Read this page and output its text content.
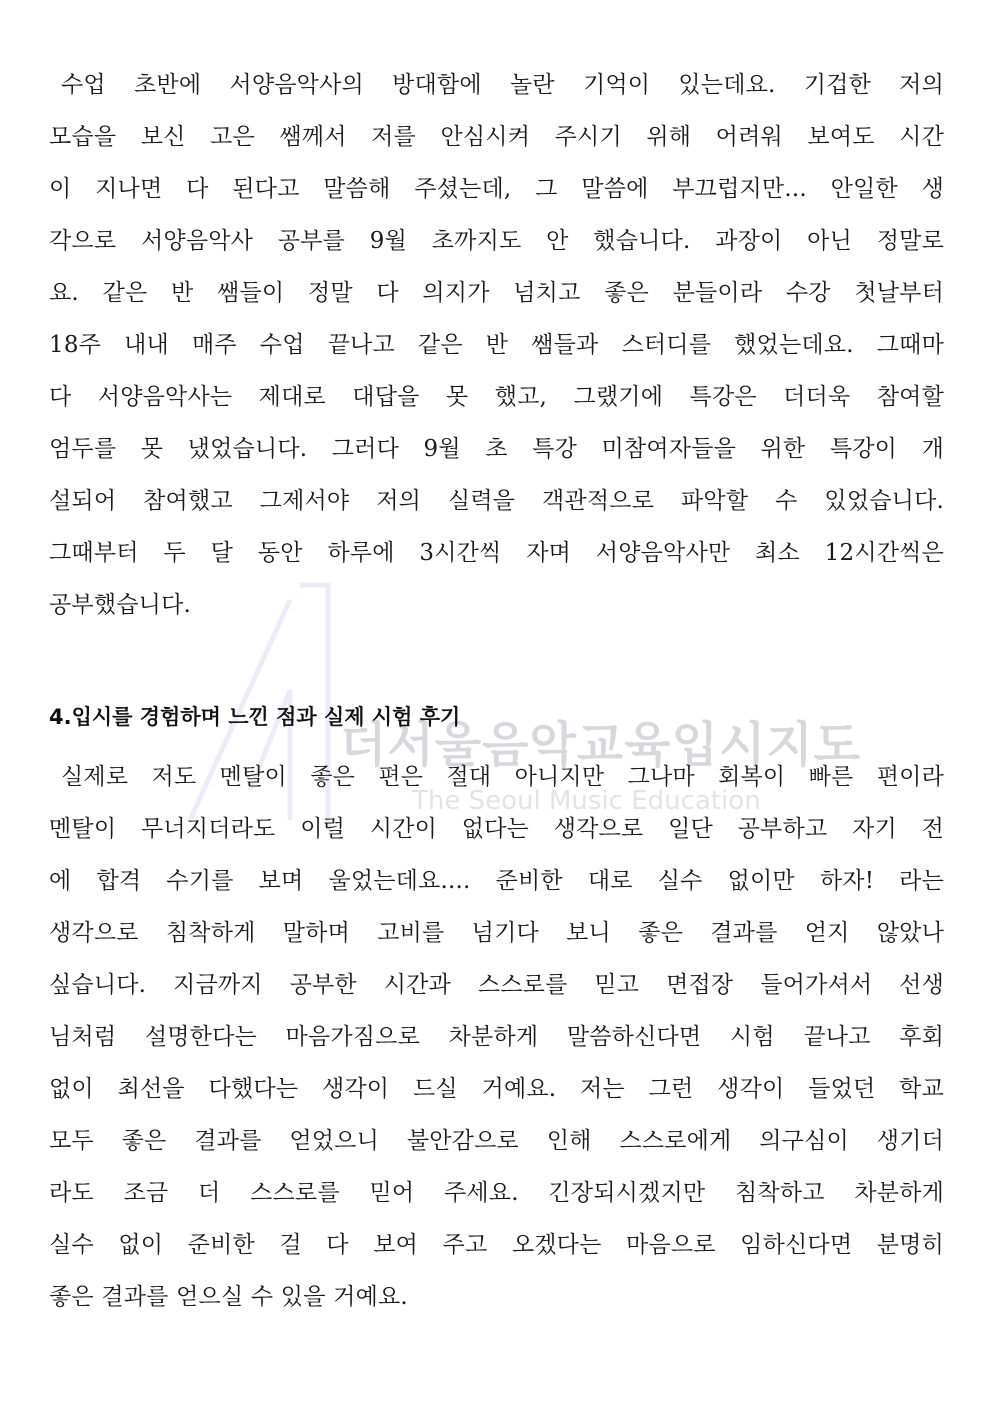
더서울음악교육입시지도
The Seoul Music Education
수업 초반에 서양음악사의 방대함에 놀란 기억이 있는데요. 기겁한 저의
모습을 보신 고은 쌤께서 저를 안심시켜 주시기 위해 어려워 보여도 시간
이 지나면 다 된다고 말씀해 주셨는데, 그 말씀에 부끄럽지만... 안일한 생
각으로 서양음악사 공부를 9월 초까지도 안 했습니다. 과장이 아닌 정말로
요. 같은 반 쌤들이 정말 다 의지가 넘치고 좋은 분들이라 수강 첫날부터
18주 내내 매주 수업 끝나고 같은 반 쌤들과 스터디를 했었는데요. 그때마
다 서양음악사는 제대로 대답을 못 했고, 그랬기에 특강은 더더욱 참여할
엄두를 못 냈었습니다. 그러다 9월 초 특강 미참여자들을 위한 특강이 개
설되어 참여했고 그제서야 저의 실력을 객관적으로 파악할 수 있었습니다.
그때부터 두 달 동안 하루에 3시간씩 자며 서양음악사만 최소 12시간씩은
공부했습니다.
4.입시를 경험하며 느낀 점과 실제 시험 후기
실제로 저도 멘탈이 좋은 편은 절대 아니지만 그나마 회복이 빠른 편이라
멘탈이 무너지더라도 이럴 시간이 없다는 생각으로 일단 공부하고 자기 전
에 합격 수기를 보며 울었는데요.... 준비한 대로 실수 없이만 하자! 라는
생각으로 침착하게 말하며 고비를 넘기다 보니 좋은 결과를 얻지 않았나
싶습니다. 지금까지 공부한 시간과 스스로를 믿고 면접장 들어가셔서 선생
님처럼 설명한다는 마음가짐으로 차분하게 말씀하신다면 시험 끝나고 후회
없이 최선을 다했다는 생각이 드실 거예요. 저는 그런 생각이 들었던 학교
모두 좋은 결과를 얻었으니 불안감으로 인해 스스로에게 의구심이 생기더
라도 조금 더 스스로를 믿어 주세요. 긴장되시겠지만 침착하고 차분하게
실수 없이 준비한 걸 다 보여 주고 오겠다는 마음으로 임하신다면 분명히
좋은 결과를 얻으실 수 있을 거예요.
